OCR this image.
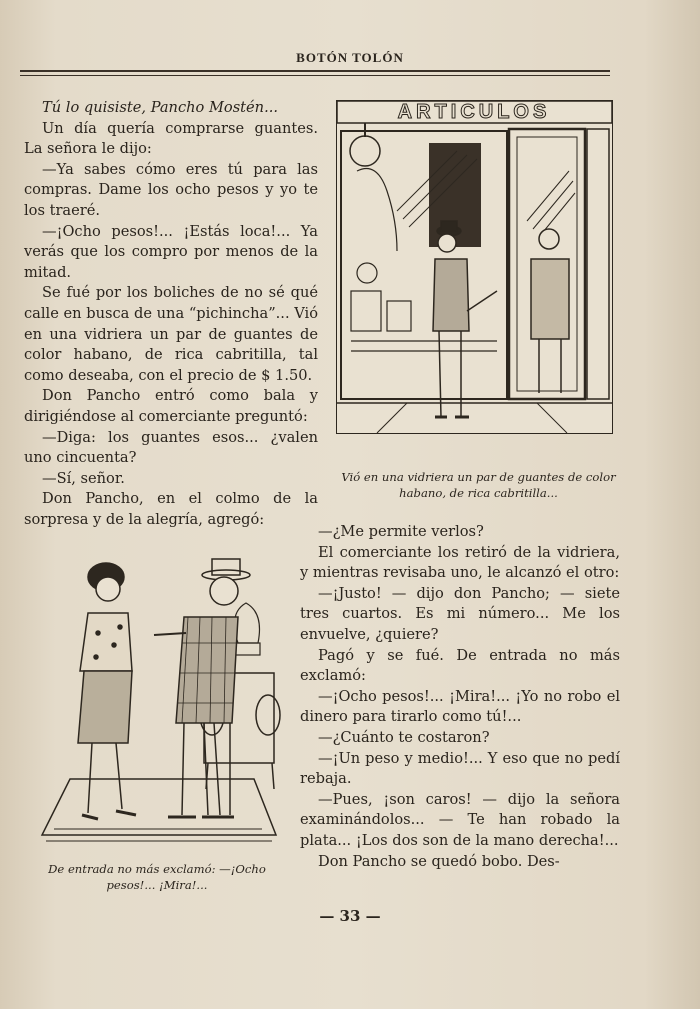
BOTÓN TOLÓN

Tú lo quisiste, Pancho Mostén...

Un día quería comprarse guantes. La señora le dijo:

—Ya sabes cómo eres tú para las compras. Dame los ocho pesos y yo te los traeré.

—¡Ocho pesos!... ¡Estás loca!... Ya verás que los compro por menos de la mitad.

Se fué por los boliches de no sé qué calle en busca de una “pichincha”... Vió en una vidriera un par de guantes de color habano, de rica cabritilla, tal como deseaba, con el precio de $ 1.50.

Don Pancho entró como bala y dirigiéndose al comerciante preguntó:

—Diga: los guantes esos... ¿valen uno cincuenta?

—Sí, señor.

Don Pancho, en el colmo de la sorpresa y de la alegría, agregó:

ARTICULOS
Vió en una vidriera un par de guantes de color habano, de rica cabritilla...
De entrada no más exclamó: —¡Ocho pesos!... ¡Mira!...

—¿Me permite verlos?

El comerciante los retiró de la vidriera, y mientras revisaba uno, le alcanzó el otro:

—¡Justo! — dijo don Pancho; — siete tres cuartos. Es mi número... Me los envuelve, ¿quiere?

Pagó y se fué. De entrada no más exclamó:

—¡Ocho pesos!... ¡Mira!... ¡Yo no robo el dinero para tirarlo como tú!...

—¿Cuánto te costaron?

—¡Un peso y medio!... Y eso que no pedí rebaja.

—Pues, ¡son caros! — dijo la señora examinándolos... — Te han robado la plata... ¡Los dos son de la mano derecha!...

Don Pancho se quedó bobo. Des-

— 33 —
